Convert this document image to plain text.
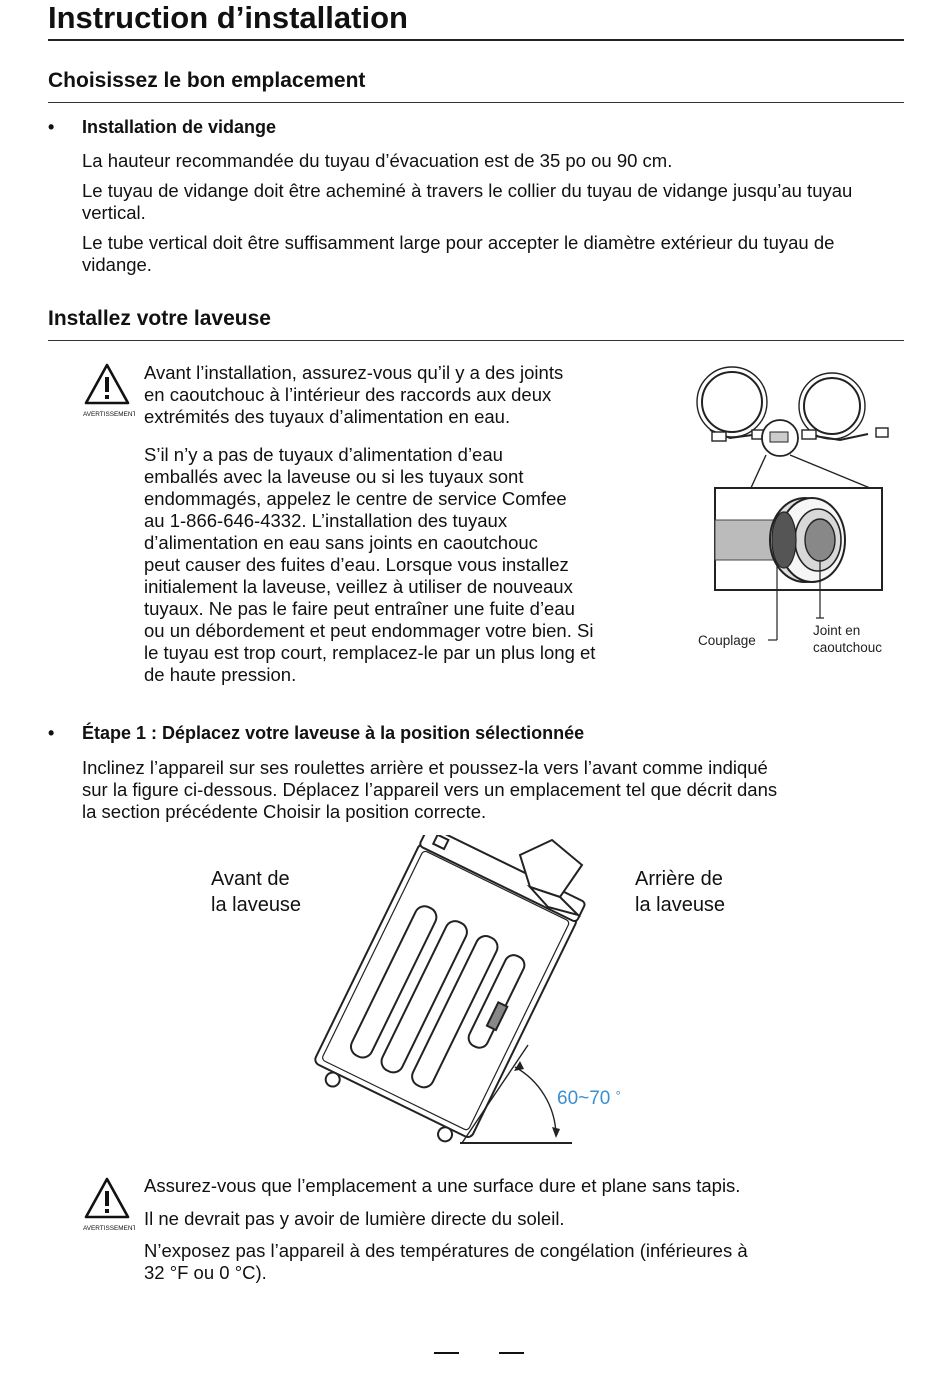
Instruction d’installation
Choisissez le bon emplacement
• Installation de vidange
La hauteur recommandée du tuyau d’évacuation est de 35 po ou 90 cm.
Le tuyau de vidange doit être acheminé à travers le collier du tuyau de vidange jusqu’au tuyau vertical.
Le tube vertical doit être suffisamment large pour accepter le diamètre extérieur du tuyau de vidange.
Installez votre laveuse
AVERTISSEMENT
Avant l’installation, assurez-vous qu’il y a des joints
en caoutchouc à l’intérieur des raccords aux deux
extrémités des tuyaux d’alimentation en eau.
S’il n’y a pas de tuyaux d’alimentation d’eau
emballés avec la laveuse ou si les tuyaux sont
endommagés, appelez le centre de service Comfee
au 1-866-646-4332. L’installation des tuyaux
d’alimentation en eau sans joints en caoutchouc
peut causer des fuites d’eau. Lorsque vous installez
initialement la laveuse, veillez à utiliser de nouveaux
tuyaux. Ne pas le faire peut entraîner une fuite d’eau
ou un débordement et peut endommager votre bien. Si
le tuyau est trop court, remplacez-le par un plus long et
de haute pression.
Couplage
Joint en
caoutchouc
• Étape 1 : Déplacez votre laveuse à la position sélectionnée
Inclinez l’appareil sur ses roulettes arrière et poussez-la vers l’avant comme indiqué
sur la figure ci-dessous. Déplacez l’appareil vers un emplacement tel que décrit dans
la section précédente Choisir la position correcte.
Avant de
la laveuse
Arrière de
la laveuse
60~70 °
AVERTISSEMENT
Assurez-vous que l’emplacement a une surface dure et plane sans tapis.
Il ne devrait pas y avoir de lumière directe du soleil.
N’exposez pas l’appareil à des températures de congélation (inférieures à
32 °F ou 0 °C).
